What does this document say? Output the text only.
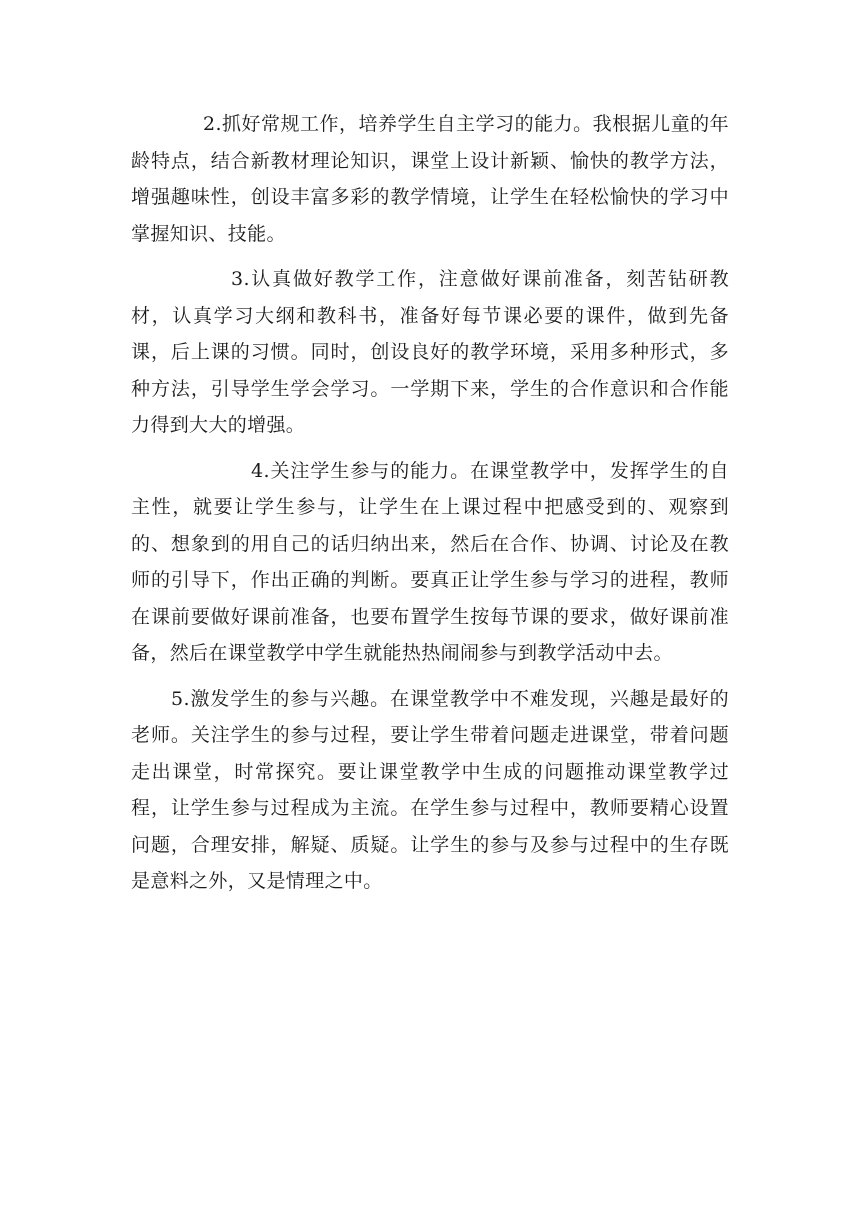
2.抓好常规工作，培养学生自主学习的能力。我根据儿童的年龄特点，结合新教材理论知识，课堂上设计新颖、愉快的教学方法，增强趣味性，创设丰富多彩的教学情境，让学生在轻松愉快的学习中掌握知识、技能。

3.认真做好教学工作，注意做好课前准备，刻苦钻研教材，认真学习大纲和教科书，准备好每节课必要的课件，做到先备课，后上课的习惯。同时，创设良好的教学环境，采用多种形式，多种方法，引导学生学会学习。一学期下来，学生的合作意识和合作能力得到大大的增强。

4.关注学生参与的能力。在课堂教学中，发挥学生的自主性，就要让学生参与，让学生在上课过程中把感受到的、观察到的、想象到的用自己的话归纳出来，然后在合作、协调、讨论及在教师的引导下，作出正确的判断。要真正让学生参与学习的进程，教师在课前要做好课前准备，也要布置学生按每节课的要求，做好课前准备，然后在课堂教学中学生就能热热闹闹参与到教学活动中去。

5.激发学生的参与兴趣。在课堂教学中不难发现，兴趣是最好的老师。关注学生的参与过程，要让学生带着问题走进课堂，带着问题走出课堂，时常探究。要让课堂教学中生成的问题推动课堂教学过程，让学生参与过程成为主流。在学生参与过程中，教师要精心设置问题，合理安排，解疑、质疑。让学生的参与及参与过程中的生存既是意料之外，又是情理之中。
